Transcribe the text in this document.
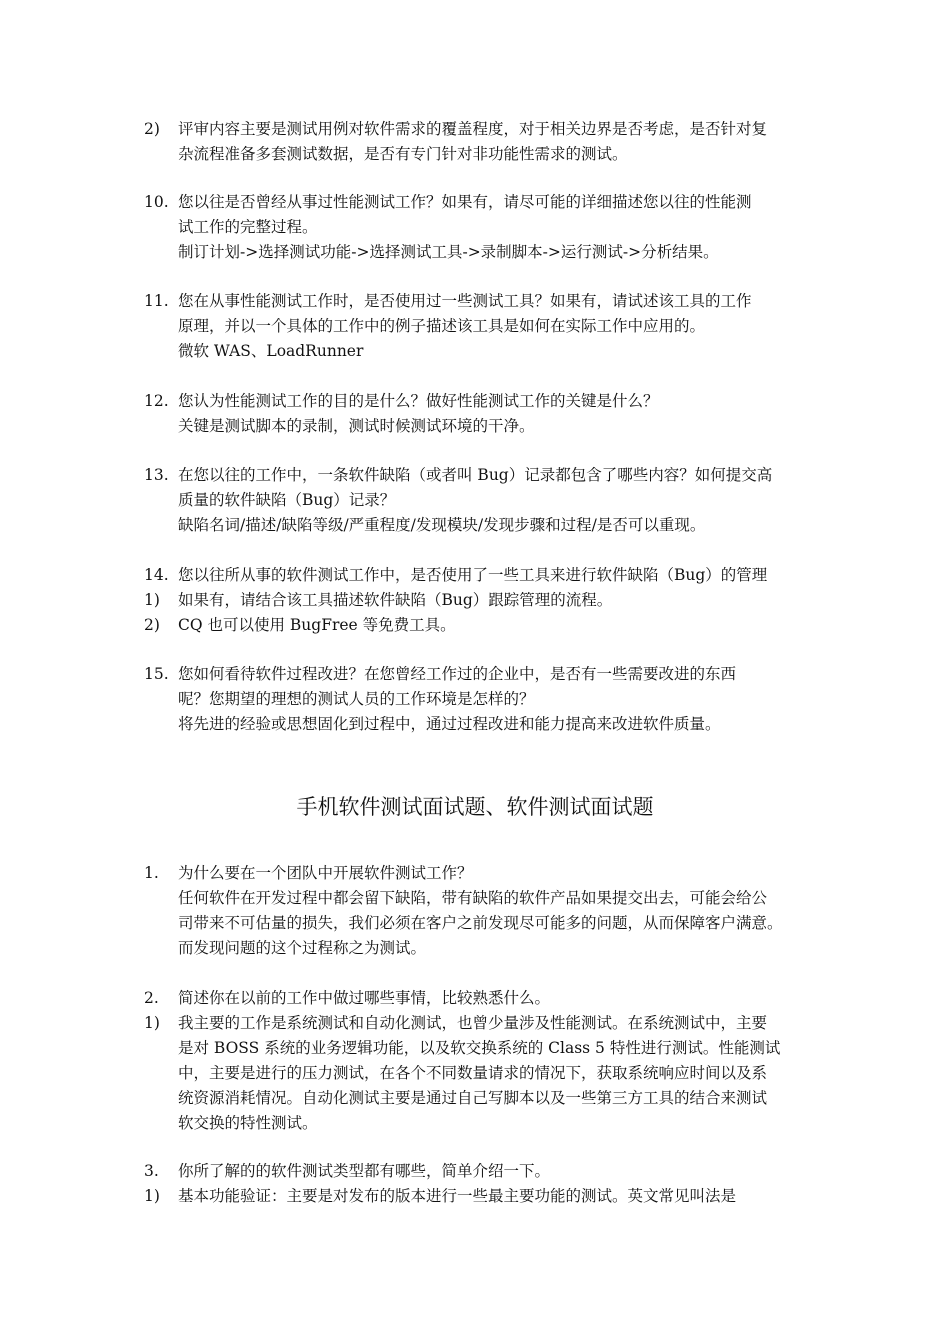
2) 评审内容主要是测试用例对软件需求的覆盖程度，对于相关边界是否考虑，是否针对复
杂流程准备多套测试数据，是否有专门针对非功能性需求的测试。
10. 您以往是否曾经从事过性能测试工作？如果有，请尽可能的详细描述您以往的性能测
试工作的完整过程。
制订计划->选择测试功能->选择测试工具->录制脚本->运行测试->分析结果。
11. 您在从事性能测试工作时，是否使用过一些测试工具？如果有，请试述该工具的工作
原理，并以一个具体的工作中的例子描述该工具是如何在实际工作中应用的。
微软 WAS、LoadRunner
12. 您认为性能测试工作的目的是什么？做好性能测试工作的关键是什么？
关键是测试脚本的录制，测试时候测试环境的干净。
13. 在您以往的工作中，一条软件缺陷（或者叫 Bug）记录都包含了哪些内容？如何提交高
质量的软件缺陷（Bug）记录？
缺陷名词/描述/缺陷等级/严重程度/发现模块/发现步骤和过程/是否可以重现。
14. 您以往所从事的软件测试工作中，是否使用了一些工具来进行软件缺陷（Bug）的管理
1) 如果有，请结合该工具描述软件缺陷（Bug）跟踪管理的流程。
2) CQ 也可以使用 BugFree 等免费工具。
15. 您如何看待软件过程改进？在您曾经工作过的企业中，是否有一些需要改进的东西
呢？您期望的理想的测试人员的工作环境是怎样的？
将先进的经验或思想固化到过程中，通过过程改进和能力提高来改进软件质量。
手机软件测试面试题、软件测试面试题
1. 为什么要在一个团队中开展软件测试工作？
任何软件在开发过程中都会留下缺陷，带有缺陷的软件产品如果提交出去，可能会给公
司带来不可估量的损失，我们必须在客户之前发现尽可能多的问题，从而保障客户满意。
而发现问题的这个过程称之为测试。
2. 简述你在以前的工作中做过哪些事情，比较熟悉什么。
1) 我主要的工作是系统测试和自动化测试，也曾少量涉及性能测试。在系统测试中，主要
是对 BOSS 系统的业务逻辑功能，以及软交换系统的 Class 5 特性进行测试。性能测试
中，主要是进行的压力测试，在各个不同数量请求的情况下，获取系统响应时间以及系
统资源消耗情况。自动化测试主要是通过自己写脚本以及一些第三方工具的结合来测试
软交换的特性测试。
3. 你所了解的的软件测试类型都有哪些，简单介绍一下。
1) 基本功能验证：主要是对发布的版本进行一些最主要功能的测试。英文常见叫法是
